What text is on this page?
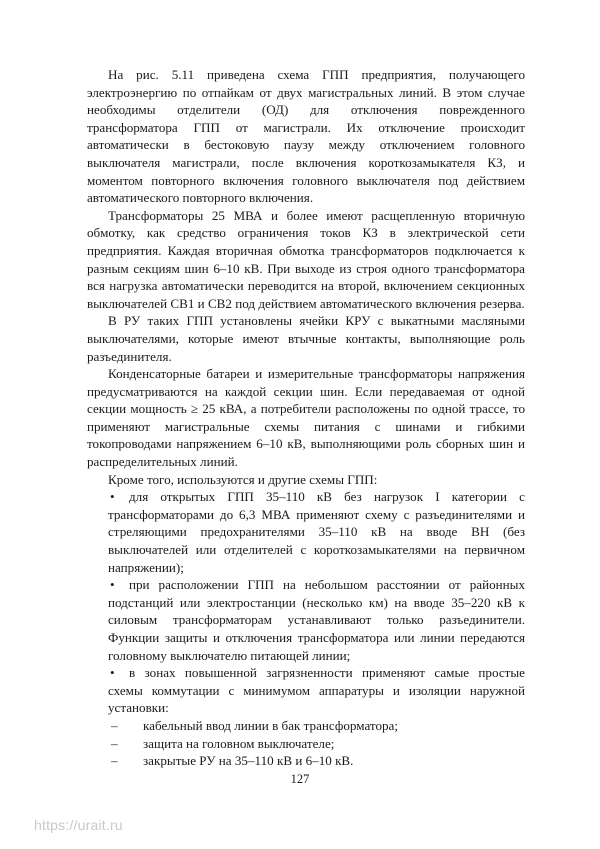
На рис. 5.11 приведена схема ГПП предприятия, получающего электроэнергию по отпайкам от двух магистральных линий. В этом случае необходимы отделители (ОД) для отключения поврежденного трансформатора ГПП от магистрали. Их отключение происходит автоматически в бестоковую паузу между отключением головного выключателя магистрали, после включения короткозамыкателя КЗ, и моментом повторного включения головного выключателя под действием автоматического повторного включения.

Трансформаторы 25 МВА и более имеют расщепленную вторичную обмотку, как средство ограничения токов КЗ в электрической сети предприятия. Каждая вторичная обмотка трансформаторов подключается к разным секциям шин 6–10 кВ. При выходе из строя одного трансформатора вся нагрузка автоматически переводится на второй, включением секционных выключателей СВ1 и СВ2 под действием автоматического включения резерва.

В РУ таких ГПП установлены ячейки КРУ с выкатными масляными выключателями, которые имеют втычные контакты, выполняющие роль разъединителя.

Конденсаторные батареи и измерительные трансформаторы напряжения предусматриваются на каждой секции шин. Если передаваемая от одной секции мощность ≥ 25 кВА, а потребители расположены по одной трассе, то применяют магистральные схемы питания с шинами и гибкими токопроводами напряжением 6–10 кВ, выполняющими роль сборных шин и распределительных линий.

Кроме того, используются и другие схемы ГПП:

•	для открытых ГПП 35–110 кВ без нагрузок I категории с трансформаторами до 6,3 МВА применяют схему с разъединителями и стреляющими предохранителями 35–110 кВ на вводе ВН (без выключателей или отделителей с короткозамыкателями на первичном напряжении);
•	при расположении ГПП на небольшом расстоянии от районных подстанций или электростанции (несколько км) на вводе 35–220 кВ к силовым трансформаторам устанавливают только разъединители. Функции защиты и отключения трансформатора или линии передаются головному выключателю питающей линии;
•	в зонах повышенной загрязненности применяют самые простые схемы коммутации с минимумом аппаратуры и изоляции наружной установки:
– кабельный ввод линии в бак трансформатора;
– защита на головном выключателе;
– закрытые РУ на 35–110 кВ и 6–10 кВ.
127
https://urait.ru
